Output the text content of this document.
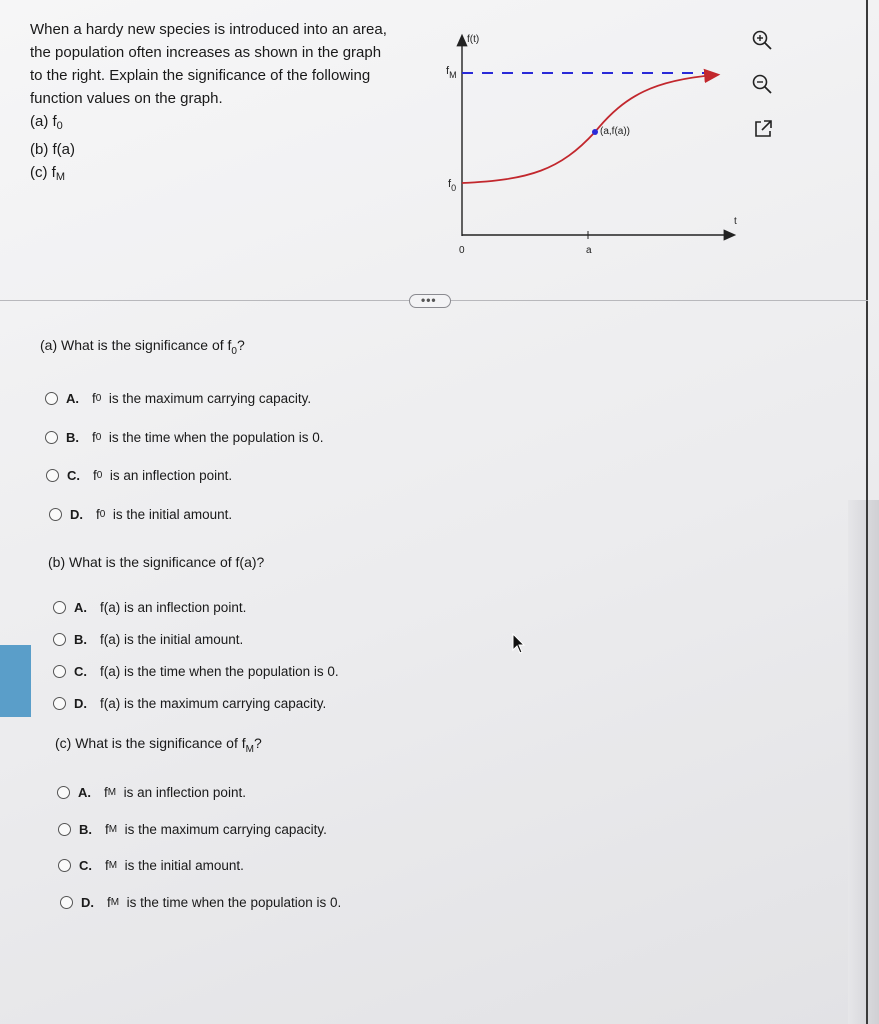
When a hardy new species is introduced into an area,
the population often increases as shown in the graph
to the right. Explain the significance of the following
function values on the graph.
(a) $f_0$
(b) f(a)
(c) $f_M$
f(t)
t
$f_M$
$f_0$
0	a
(a,f(a))
•••
(a) What is the significance of $f_0$?
A. f 0
is the maximum carrying capacity.
B. f 0
is the time when the population is 0.
C. f 0
is an inflection point.
D. f 0
is the initial amount.
(b) What is the significance of f(a)?
A. f(a) is an inflection point.
B. f(a) is the initial amount.
C. f(a) is the time when the population is 0.
D. f(a) is the maximum carrying capacity.
(c) What is the significance of $f_M$?
A. f M
is an inflection point.
B. f M
is the maximum carrying capacity.
C. f M
is the initial amount.
D. f M
is the time when the population is 0.
